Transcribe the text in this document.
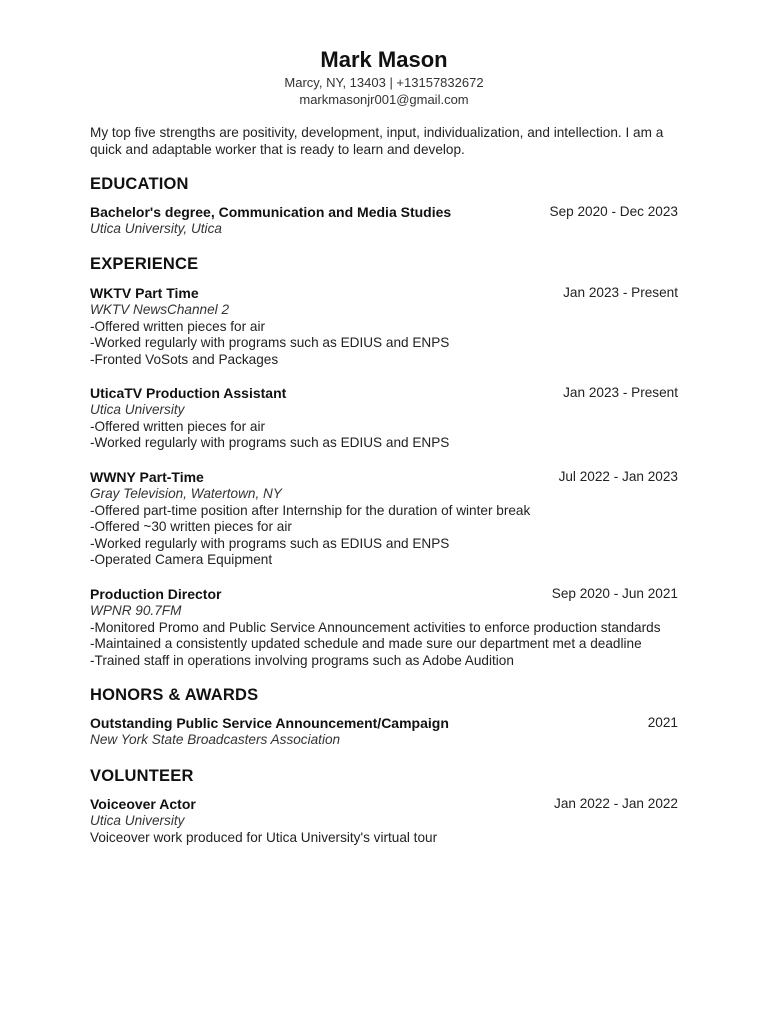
Mark Mason
Marcy, NY, 13403 | +13157832672
markmasonjr001@gmail.com
My top five strengths are positivity, development, input, individualization, and intellection. I am a quick and adaptable worker that is ready to learn and develop.
EDUCATION
Bachelor's degree, Communication and Media Studies	Sep 2020 - Dec 2023
Utica University, Utica
EXPERIENCE
WKTV Part Time	Jan 2023 - Present
WKTV NewsChannel 2
-Offered written pieces for air
-Worked regularly with programs such as EDIUS and ENPS
-Fronted VoSots and Packages
UticaTV Production Assistant	Jan 2023 - Present
Utica University
-Offered written pieces for air
-Worked regularly with programs such as EDIUS and ENPS
WWNY Part-Time	Jul 2022 - Jan 2023
Gray Television, Watertown, NY
-Offered part-time position after Internship for the duration of winter break
-Offered ~30 written pieces for air
-Worked regularly with programs such as EDIUS and ENPS
-Operated Camera Equipment
Production Director	Sep 2020 - Jun 2021
WPNR 90.7FM
-Monitored Promo and Public Service Announcement activities to enforce production standards
-Maintained a consistently updated schedule and made sure our department met a deadline
-Trained staff in operations involving programs such as Adobe Audition
HONORS & AWARDS
Outstanding Public Service Announcement/Campaign	2021
New York State Broadcasters Association
VOLUNTEER
Voiceover Actor	Jan 2022 - Jan 2022
Utica University
Voiceover work produced for Utica University's virtual tour
